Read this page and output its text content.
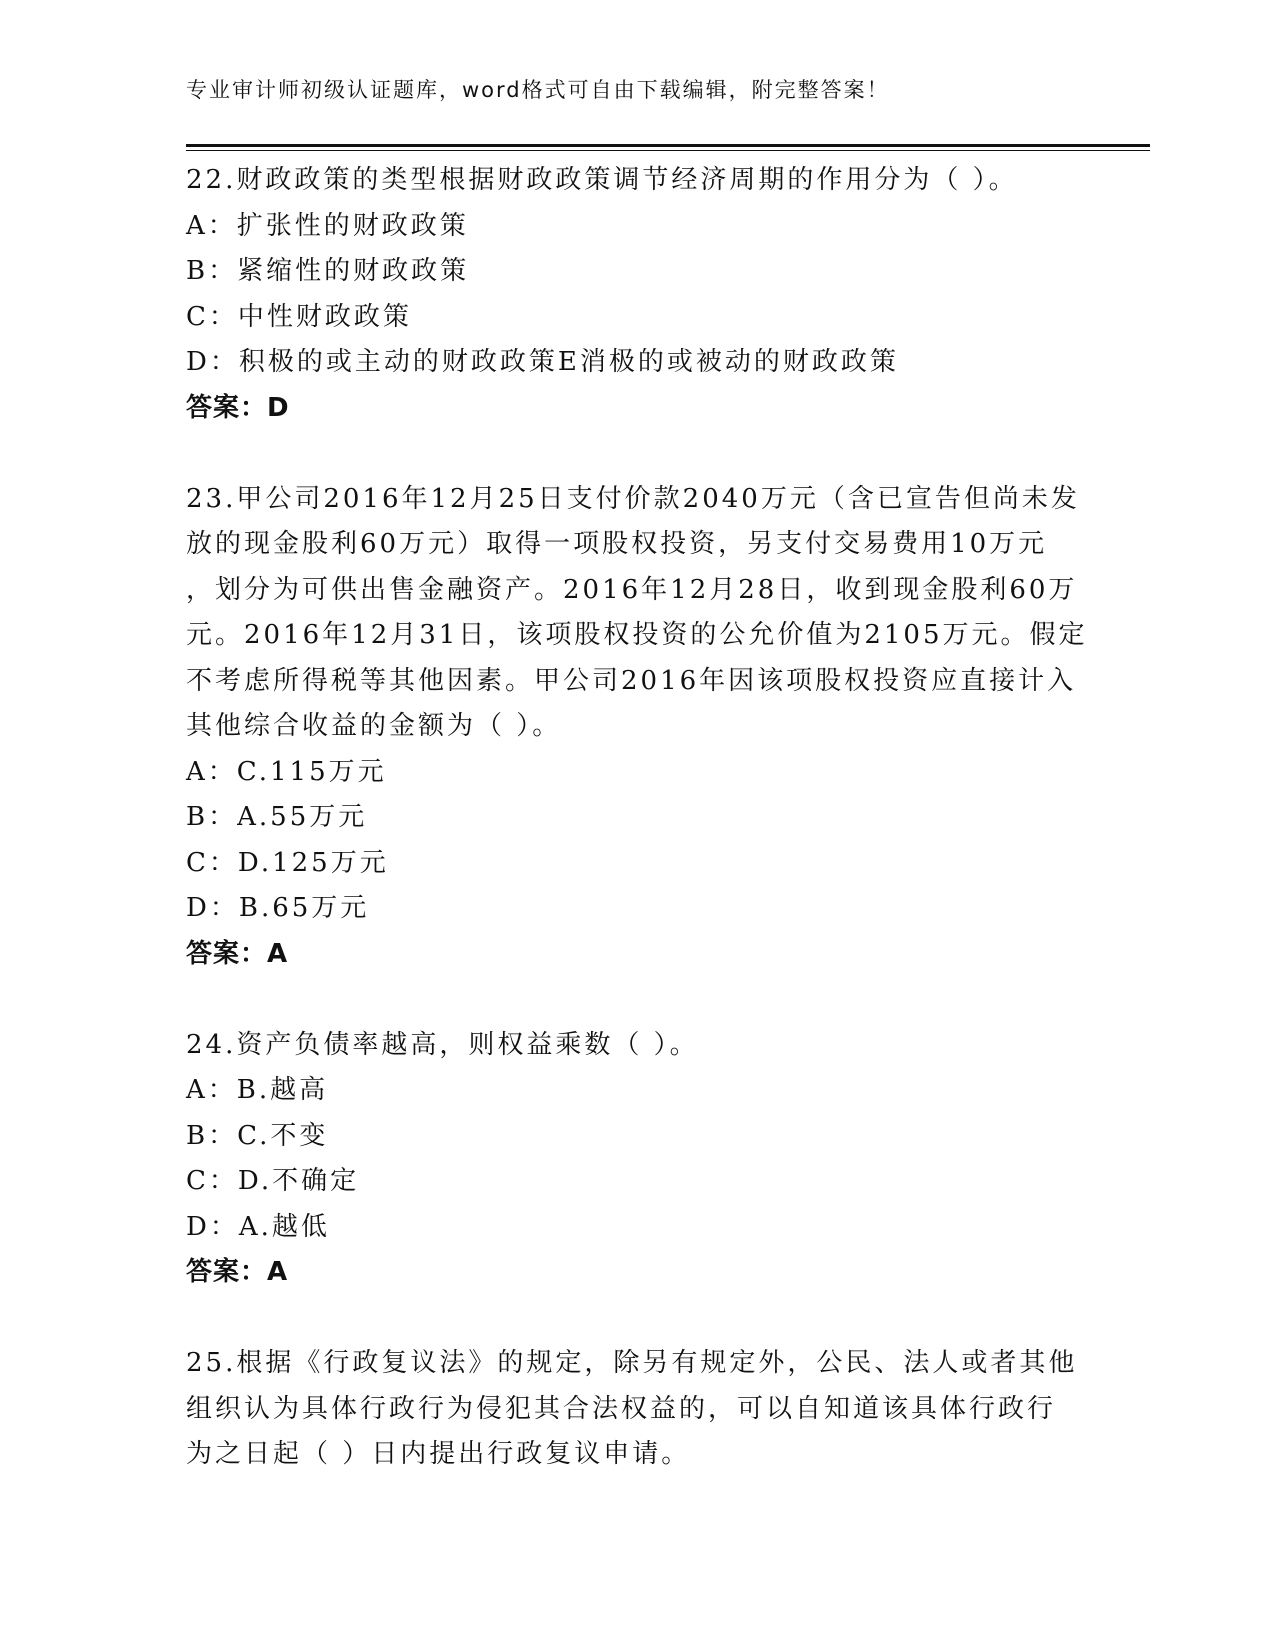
专业审计师初级认证题库，word格式可自由下载编辑，附完整答案！
22.财政政策的类型根据财政政策调节经济周期的作用分为（ ）。
A：扩张性的财政政策
B：紧缩性的财政政策
C：中性财政政策
D：积极的或主动的财政政策E消极的或被动的财政政策
答案：D
23.甲公司2016年12月25日支付价款2040万元（含已宣告但尚未发
放的现金股利60万元）取得一项股权投资，另支付交易费用10万元
，划分为可供出售金融资产。2016年12月28日，收到现金股利60万
元。2016年12月31日，该项股权投资的公允价值为2105万元。假定
不考虑所得税等其他因素。甲公司2016年因该项股权投资应直接计入
其他综合收益的金额为（ ）。
A：C.115万元
B：A.55万元
C：D.125万元
D：B.65万元
答案：A
24.资产负债率越高，则权益乘数（ ）。
A：B.越高
B：C.不变
C：D.不确定
D：A.越低
答案：A
25.根据《行政复议法》的规定，除另有规定外，公民、法人或者其他
组织认为具体行政行为侵犯其合法权益的，可以自知道该具体行政行
为之日起（ ）日内提出行政复议申请。
